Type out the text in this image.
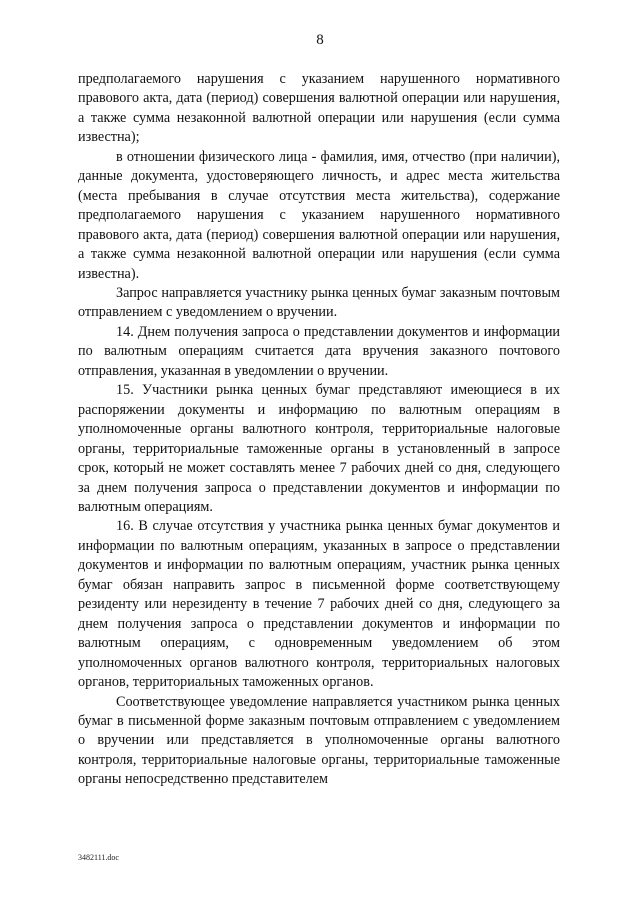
8

предполагаемого нарушения с указанием нарушенного нормативного правового акта, дата (период) совершения валютной операции или нарушения, а также сумма незаконной валютной операции или нарушения (если сумма известна);

в отношении физического лица - фамилия, имя, отчество (при наличии), данные документа, удостоверяющего личность, и адрес места жительства (места пребывания в случае отсутствия места жительства), содержание предполагаемого нарушения с указанием нарушенного нормативного правового акта, дата (период) совершения валютной операции или нарушения, а также сумма незаконной валютной операции или нарушения (если сумма известна).

Запрос направляется участнику рынка ценных бумаг заказным почтовым отправлением с уведомлением о вручении.

14. Днем получения запроса о представлении документов и информации по валютным операциям считается дата вручения заказного почтового отправления, указанная в уведомлении о вручении.

15. Участники рынка ценных бумаг представляют имеющиеся в их распоряжении документы и информацию по валютным операциям в уполномоченные органы валютного контроля, территориальные налоговые органы, территориальные таможенные органы в установленный в запросе срок, который не может составлять менее 7 рабочих дней со дня, следующего за днем получения запроса о представлении документов и информации по валютным операциям.

16. В случае отсутствия у участника рынка ценных бумаг документов и информации по валютным операциям, указанных в запросе о представлении документов и информации по валютным операциям, участник рынка ценных бумаг обязан направить запрос в письменной форме соответствующему резиденту или нерезиденту в течение 7 рабочих дней со дня, следующего за днем получения запроса о представлении документов и информации по валютным операциям, с одновременным уведомлением об этом уполномоченных органов валютного контроля, территориальных налоговых органов, территориальных таможенных органов.

Соответствующее уведомление направляется участником рынка ценных бумаг в письменной форме заказным почтовым отправлением с уведомлением о вручении или представляется в уполномоченные органы валютного контроля, территориальные налоговые органы, территориальные таможенные органы непосредственно представителем

3482111.doc
